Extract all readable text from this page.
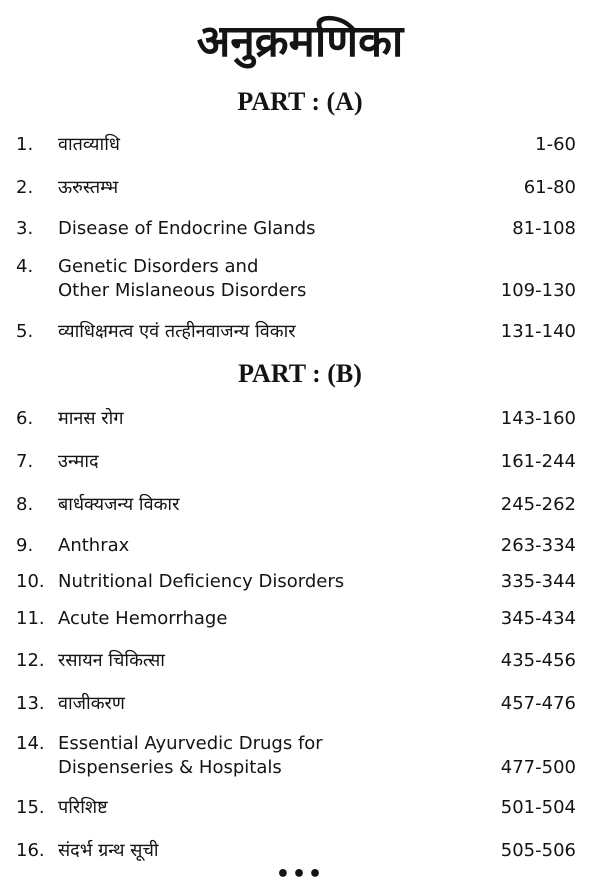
अनुक्रमणिका
PART : (A)
1.	वातव्याधि	1-60
2.	ऊरुस्तम्भ	61-80
3.	Disease of Endocrine Glands	81-108
4.	Genetic Disorders and
Other Mislaneous Disorders	109-130
5.	व्याधिक्षमत्व एवं तत्हीनवाजन्य विकार	131-140
PART : (B)
6.	मानस रोग	143-160
7.	उन्माद	161-244
8.	बार्धक्यजन्य विकार	245-262
9.	Anthrax	263-334
10. Nutritional Deficiency Disorders	335-344
11. Acute Hemorrhage	345-434
12. रसायन चिकित्सा	435-456
13. वाजीकरण	457-476
14. Essential Ayurvedic Drugs for
Dispenseries & Hospitals	477-500
15. परिशिष्ट	501-504
16. संदर्भ ग्रन्थ सूची	505-506
•••
